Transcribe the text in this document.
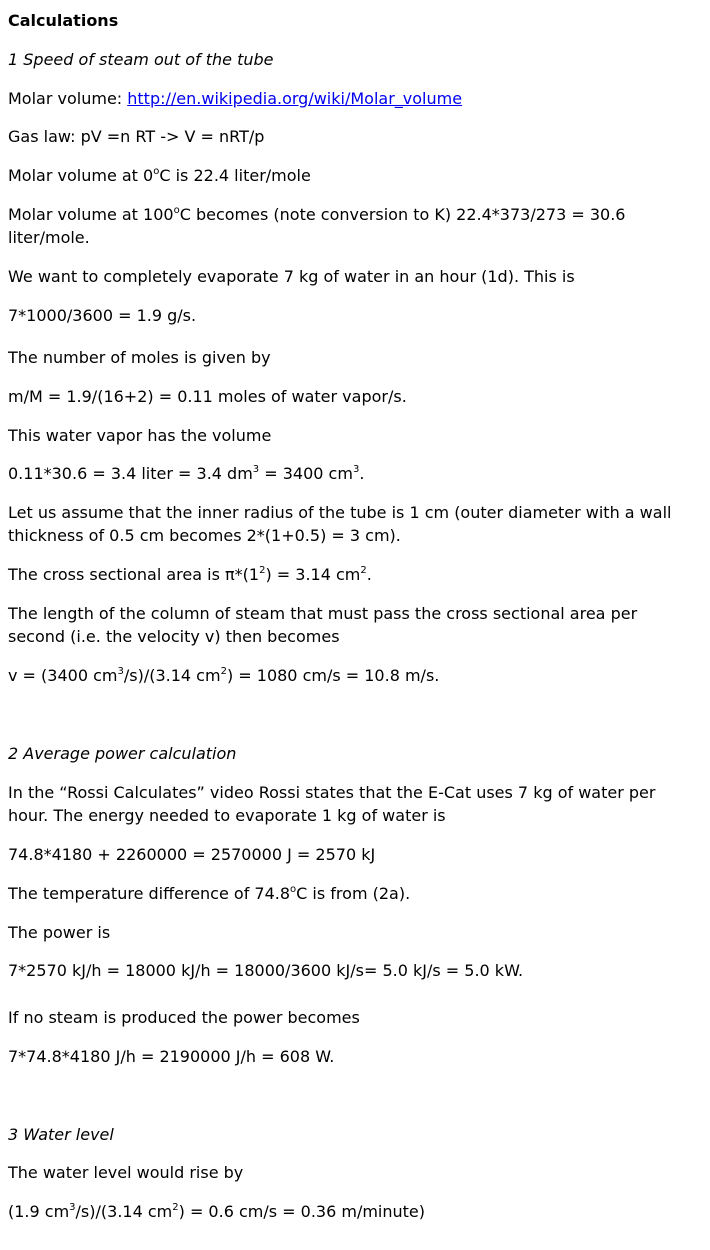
Calculations
1 Speed of steam out of the tube
Molar volume: http://en.wikipedia.org/wiki/Molar_volume
Gas law: pV =n RT -> V = nRT/p
Molar volume at 0$^o$C is 22.4 liter/mole
Molar volume at 100$^o$C becomes (note conversion to K) 22.4*373/273 = 30.6 liter/mole.
We want to completely evaporate 7 kg of water in an hour (1d). This is
7*1000/3600 = 1.9 g/s.
The number of moles is given by
m/M = 1.9/(16+2) = 0.11 moles of water vapor/s.
This water vapor has the volume
0.11*30.6 = 3.4 liter = 3.4 $dm^3 = 3400$ $cm^3$.
Let us assume that the inner radius of the tube is 1 cm (outer diameter with a wall thickness of 0.5 cm becomes 2*(1+0.5) = 3 cm).
The cross sectional area is $\pi*(1^2) = 3.14$ $cm^2$.
The length of the column of steam that must pass the cross sectional area per second (i.e. the velocity v) then becomes
v = (3400 $cm^3/s)/(3.14$ $cm^2) = 1080$ cm/s = 10.8 m/s.
2 Average power calculation
In the “Rossi Calculates” video Rossi states that the E-Cat uses 7 kg of water per hour. The energy needed to evaporate 1 kg of water is
74.8*4180 + 2260000 = 2570000 J = 2570 kJ
The temperature difference of 74.8$^o$C is from (2a).
The power is
7*2570 kJ/h = 18000 kJ/h = 18000/3600 kJ/s= 5.0 kJ/s = 5.0 kW.
If no steam is produced the power becomes
7*74.8*4180 J/h = 2190000 J/h = 608 W.
3 Water level
The water level would rise by
(1.9 $cm^3/s)/(3.14$ $cm^2) = 0.6$ cm/s = 0.36 m/minute)
